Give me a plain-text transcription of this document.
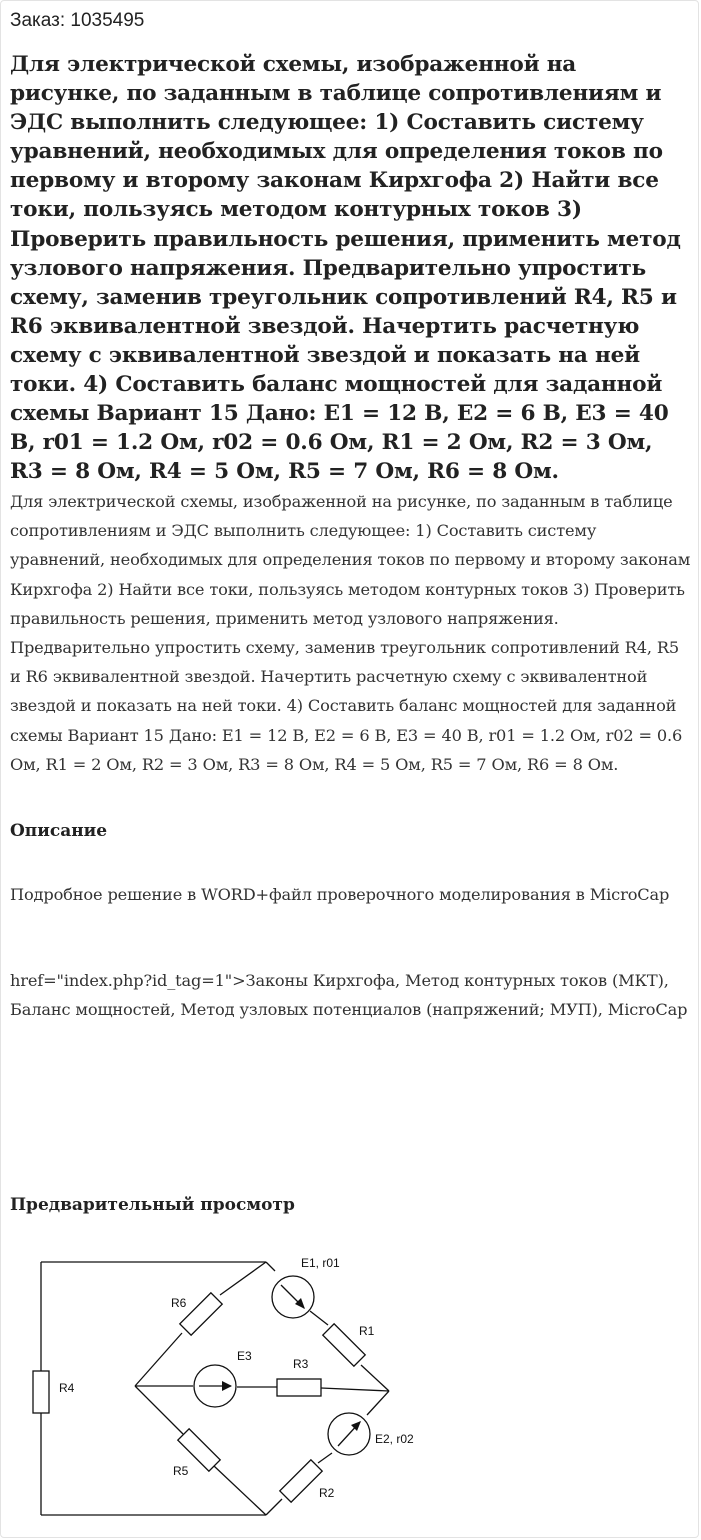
Заказ: 1035495
Для электрической схемы, изображенной на рисунке, по заданным в таблице сопротивлениям и ЭДС выполнить следующее: 1) Составить систему уравнений, необходимых для определения токов по первому и второму законам Кирхгофа 2) Найти все токи, пользуясь методом контурных токов 3) Проверить правильность решения, применить метод узлового напряжения. Предварительно упростить схему, заменив треугольник сопротивлений R4, R5 и R6 эквивалентной звездой. Начертить расчетную схему с эквивалентной звездой и показать на ней токи. 4) Составить баланс мощностей для заданной схемы Вариант 15 Дано: E1 = 12 B, E2 = 6 B, E3 = 40 B, r01 = 1.2 Ом, r02 = 0.6 Ом, R1 = 2 Ом, R2 = 3 Ом, R3 = 8 Ом, R4 = 5 Ом, R5 = 7 Ом, R6 = 8 Ом.

Для электрической схемы, изображенной на рисунке, по заданным в таблице сопротивлениям и ЭДС выполнить следующее: 1) Составить систему уравнений, необходимых для определения токов по первому и второму законам Кирхгофа 2) Найти все токи, пользуясь методом контурных токов 3) Проверить правильность решения, применить метод узлового напряжения. Предварительно упростить схему, заменив треугольник сопротивлений R4, R5 и R6 эквивалентной звездой. Начертить расчетную схему с эквивалентной звездой и показать на ней токи. 4) Составить баланс мощностей для заданной схемы Вариант 15 Дано: E1 = 12 B, E2 = 6 B, E3 = 40 B, r01 = 1.2 Ом, r02 = 0.6 Ом, R1 = 2 Ом, R2 = 3 Ом, R3 = 8 Ом, R4 = 5 Ом, R5 = 7 Ом, R6 = 8 Ом.

Описание

Подробное решение в WORD+файл проверочного моделирования в MicroCap

href="index.php?id_tag=1">Законы Кирхгофа, Метод контурных токов (МКТ), Баланс мощностей, Метод узловых потенциалов (напряжений; МУП), MicroCap

Предварительный просмотр
E1, r01
R6
R1
E3
R3
R4
E2, r02
R5
R2
